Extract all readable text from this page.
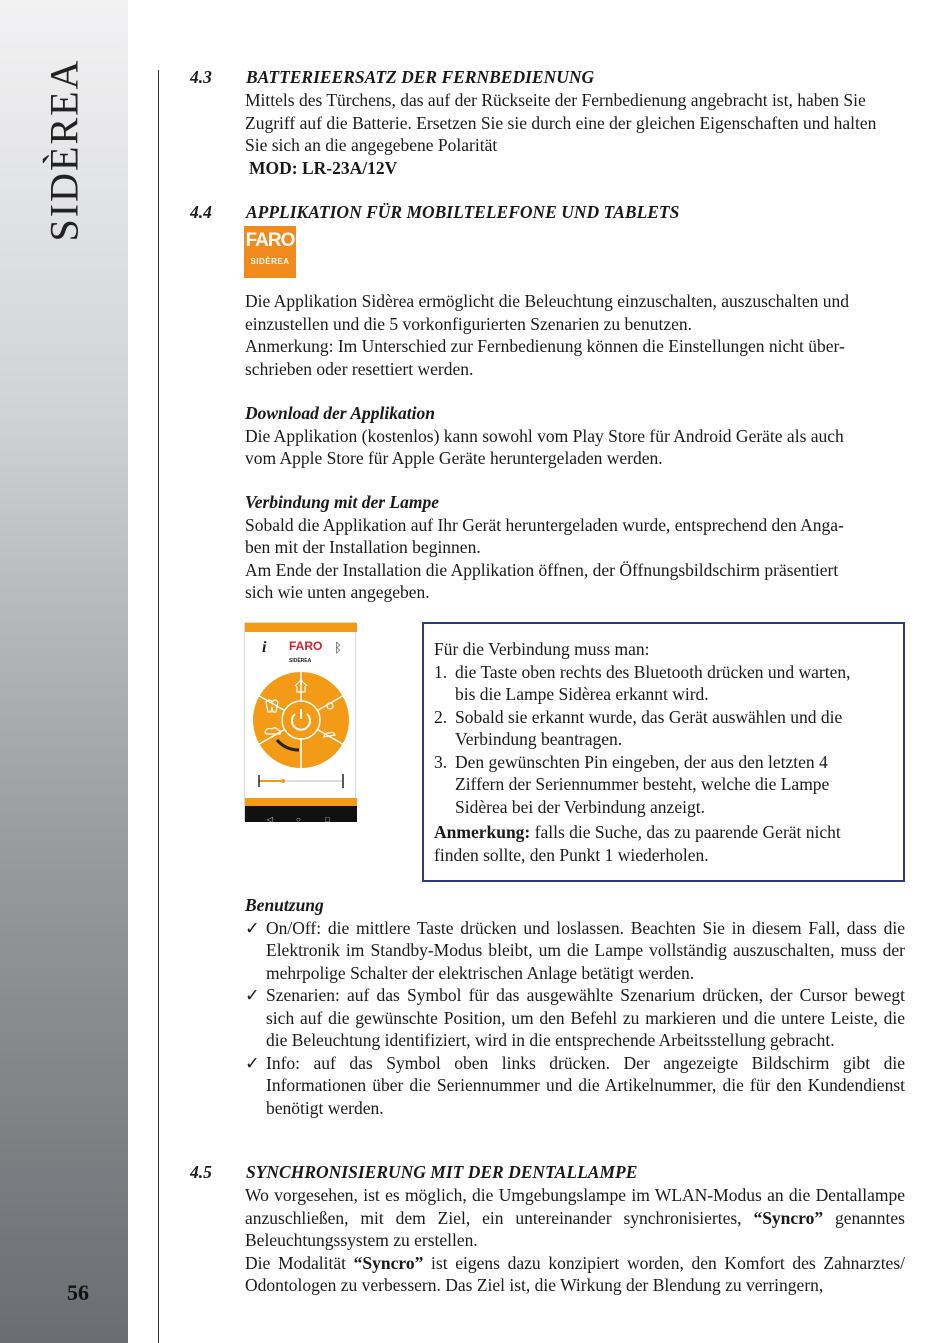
SIDÈREA
56
4.3 BATTERIEERSATZ DER FERNBEDIENUNG

Mittels des Türchens, das auf der Rückseite der Fernbedienung angebracht ist, haben Sie

Zugriff auf die Batterie. Ersetzen Sie sie durch eine der gleichen Eigenschaften und halten

Sie sich an die angegebene Polarität

MOD: LR-23A/12V

4.4 APPLIKATION FÜR MOBILTELEFONE UND TABLETS
FARO
SIDÈREA

Die Applikation Sidèrea ermöglicht die Beleuchtung einzuschalten, auszuschalten und

einzustellen und die 5 vorkonfigurierten Szenarien zu benutzen.

Anmerkung: Im Unterschied zur Fernbedienung können die Einstellungen nicht über-

schrieben oder resettiert werden.

Download der Applikation

Die Applikation (kostenlos) kann sowohl vom Play Store für Android Geräte als auch

vom Apple Store für Apple Geräte heruntergeladen werden.

Verbindung mit der Lampe

Sobald die Applikation auf Ihr Gerät heruntergeladen wurde, entsprechend den Anga-

ben mit der Installation beginnen.

Am Ende der Installation die Applikation öffnen, der Öffnungsbildschirm präsentiert

sich wie unten angegeben.

i FARO
SIDÈREA
ᛒ
◁	○	□

Für die Verbindung muss man:

1. die Taste oben rechts des Bluetooth drücken und warten,
bis die Lampe Sidèrea erkannt wird.
2. Sobald sie erkannt wurde, das Gerät auswählen und die
Verbindung beantragen.
3. Den gewünschten Pin eingeben, der aus den letzten 4
Ziffern der Seriennummer besteht, welche die Lampe
Sidèrea bei der Verbindung anzeigt.

Anmerkung: falls die Suche, das zu paarende Gerät nicht

finden sollte, den Punkt 1 wiederholen.

Benutzung

✓ On/Off: die mittlere Taste drücken und loslassen. Beachten Sie in diesem Fall, dass die Elektronik im Standby-Modus bleibt, um die Lampe vollständig auszuschalten, muss der mehrpolige Schalter der elektrischen Anlage betätigt werden.
✓ Szenarien: auf das Symbol für das ausgewählte Szenarium drücken, der Cursor bewegt sich auf die gewünschte Position, um den Befehl zu markieren und die untere Leiste, die die Beleuchtung identifiziert, wird in die entsprechende Arbeitsstellung gebracht.
✓ Info: auf das Symbol oben links drücken. Der angezeigte Bildschirm gibt die Informationen über die Seriennummer und die Artikelnummer, die für den Kundendienst benötigt werden.
4.5 SYNCHRONISIERUNG MIT DER DENTALLAMPE

Wo vorgesehen, ist es möglich, die Umgebungslampe im WLAN-Modus an die Dentallampe anzuschließen, mit dem Ziel, ein untereinander synchronisiertes, “Syncro” genanntes Beleuchtungssystem zu erstellen.

Die Modalität “Syncro” ist eigens dazu konzipiert worden, den Komfort des Zahnarztes/ Odontologen zu verbessern. Das Ziel ist, die Wirkung der Blendung zu verringern,
